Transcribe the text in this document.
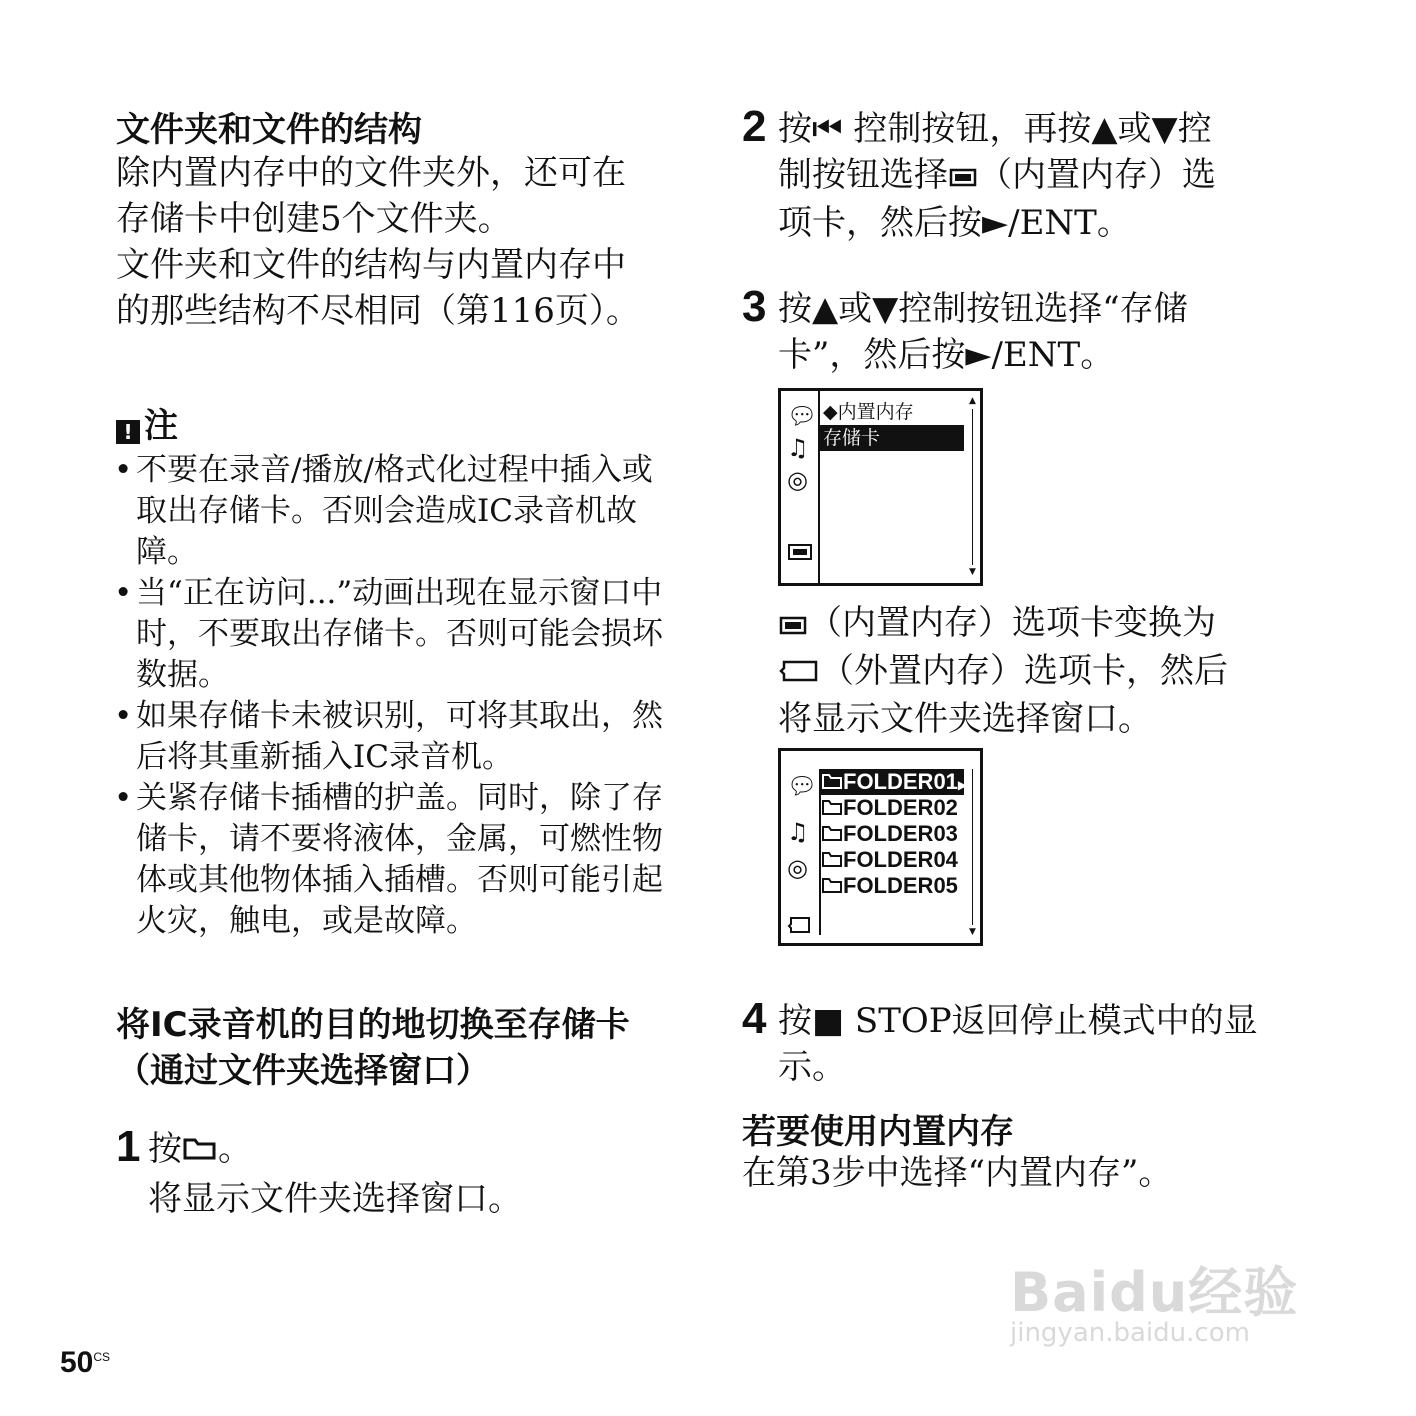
文件夹和文件的结构
除内置内存中的文件夹外，还可在存储卡中创建5个文件夹。
文件夹和文件的结构与内置内存中的那些结构不尽相同（第116页）。
! 注
• 不要在录音/播放/格式化过程中插入或取出存储卡。否则会造成IC录音机故障。
• 当“正在访问...”动画出现在显示窗口中时，不要取出存储卡。否则可能会损坏数据。
• 如果存储卡未被识别，可将其取出，然后将其重新插入IC录音机。
• 关紧存储卡插槽的护盖。同时，除了存储卡，请不要将液体，金属，可燃性物体或其他物体插入插槽。否则可能引起火灾，触电，或是故障。
将IC录音机的目的地切换至存储卡（通过文件夹选择窗口）
1 按 。
将显示文件夹选择窗口。
2 按⏮ 控制按钮，再按▲或▼控
制按钮选择 （内置内存）选
项卡，然后按►/ENT。
3 按▲或▼控制按钮选择“存储
卡”，然后按►/ENT。
💬︎
♫
◎
◆内置内存
存储卡
▲
▼
（内置内存）选项卡变换为
（外置内存）选项卡，然后
将显示文件夹选择窗口。
💬︎
♫
◎
FOLDER01▶
FOLDER02
FOLDER03
FOLDER04
FOLDER05
▼
4 按■ STOP返回停止模式中的显
示。
若要使用内置内存
在第3步中选择“内置内存”。
$50^{CS}$
Baidu经验
jingyan.baidu.com
